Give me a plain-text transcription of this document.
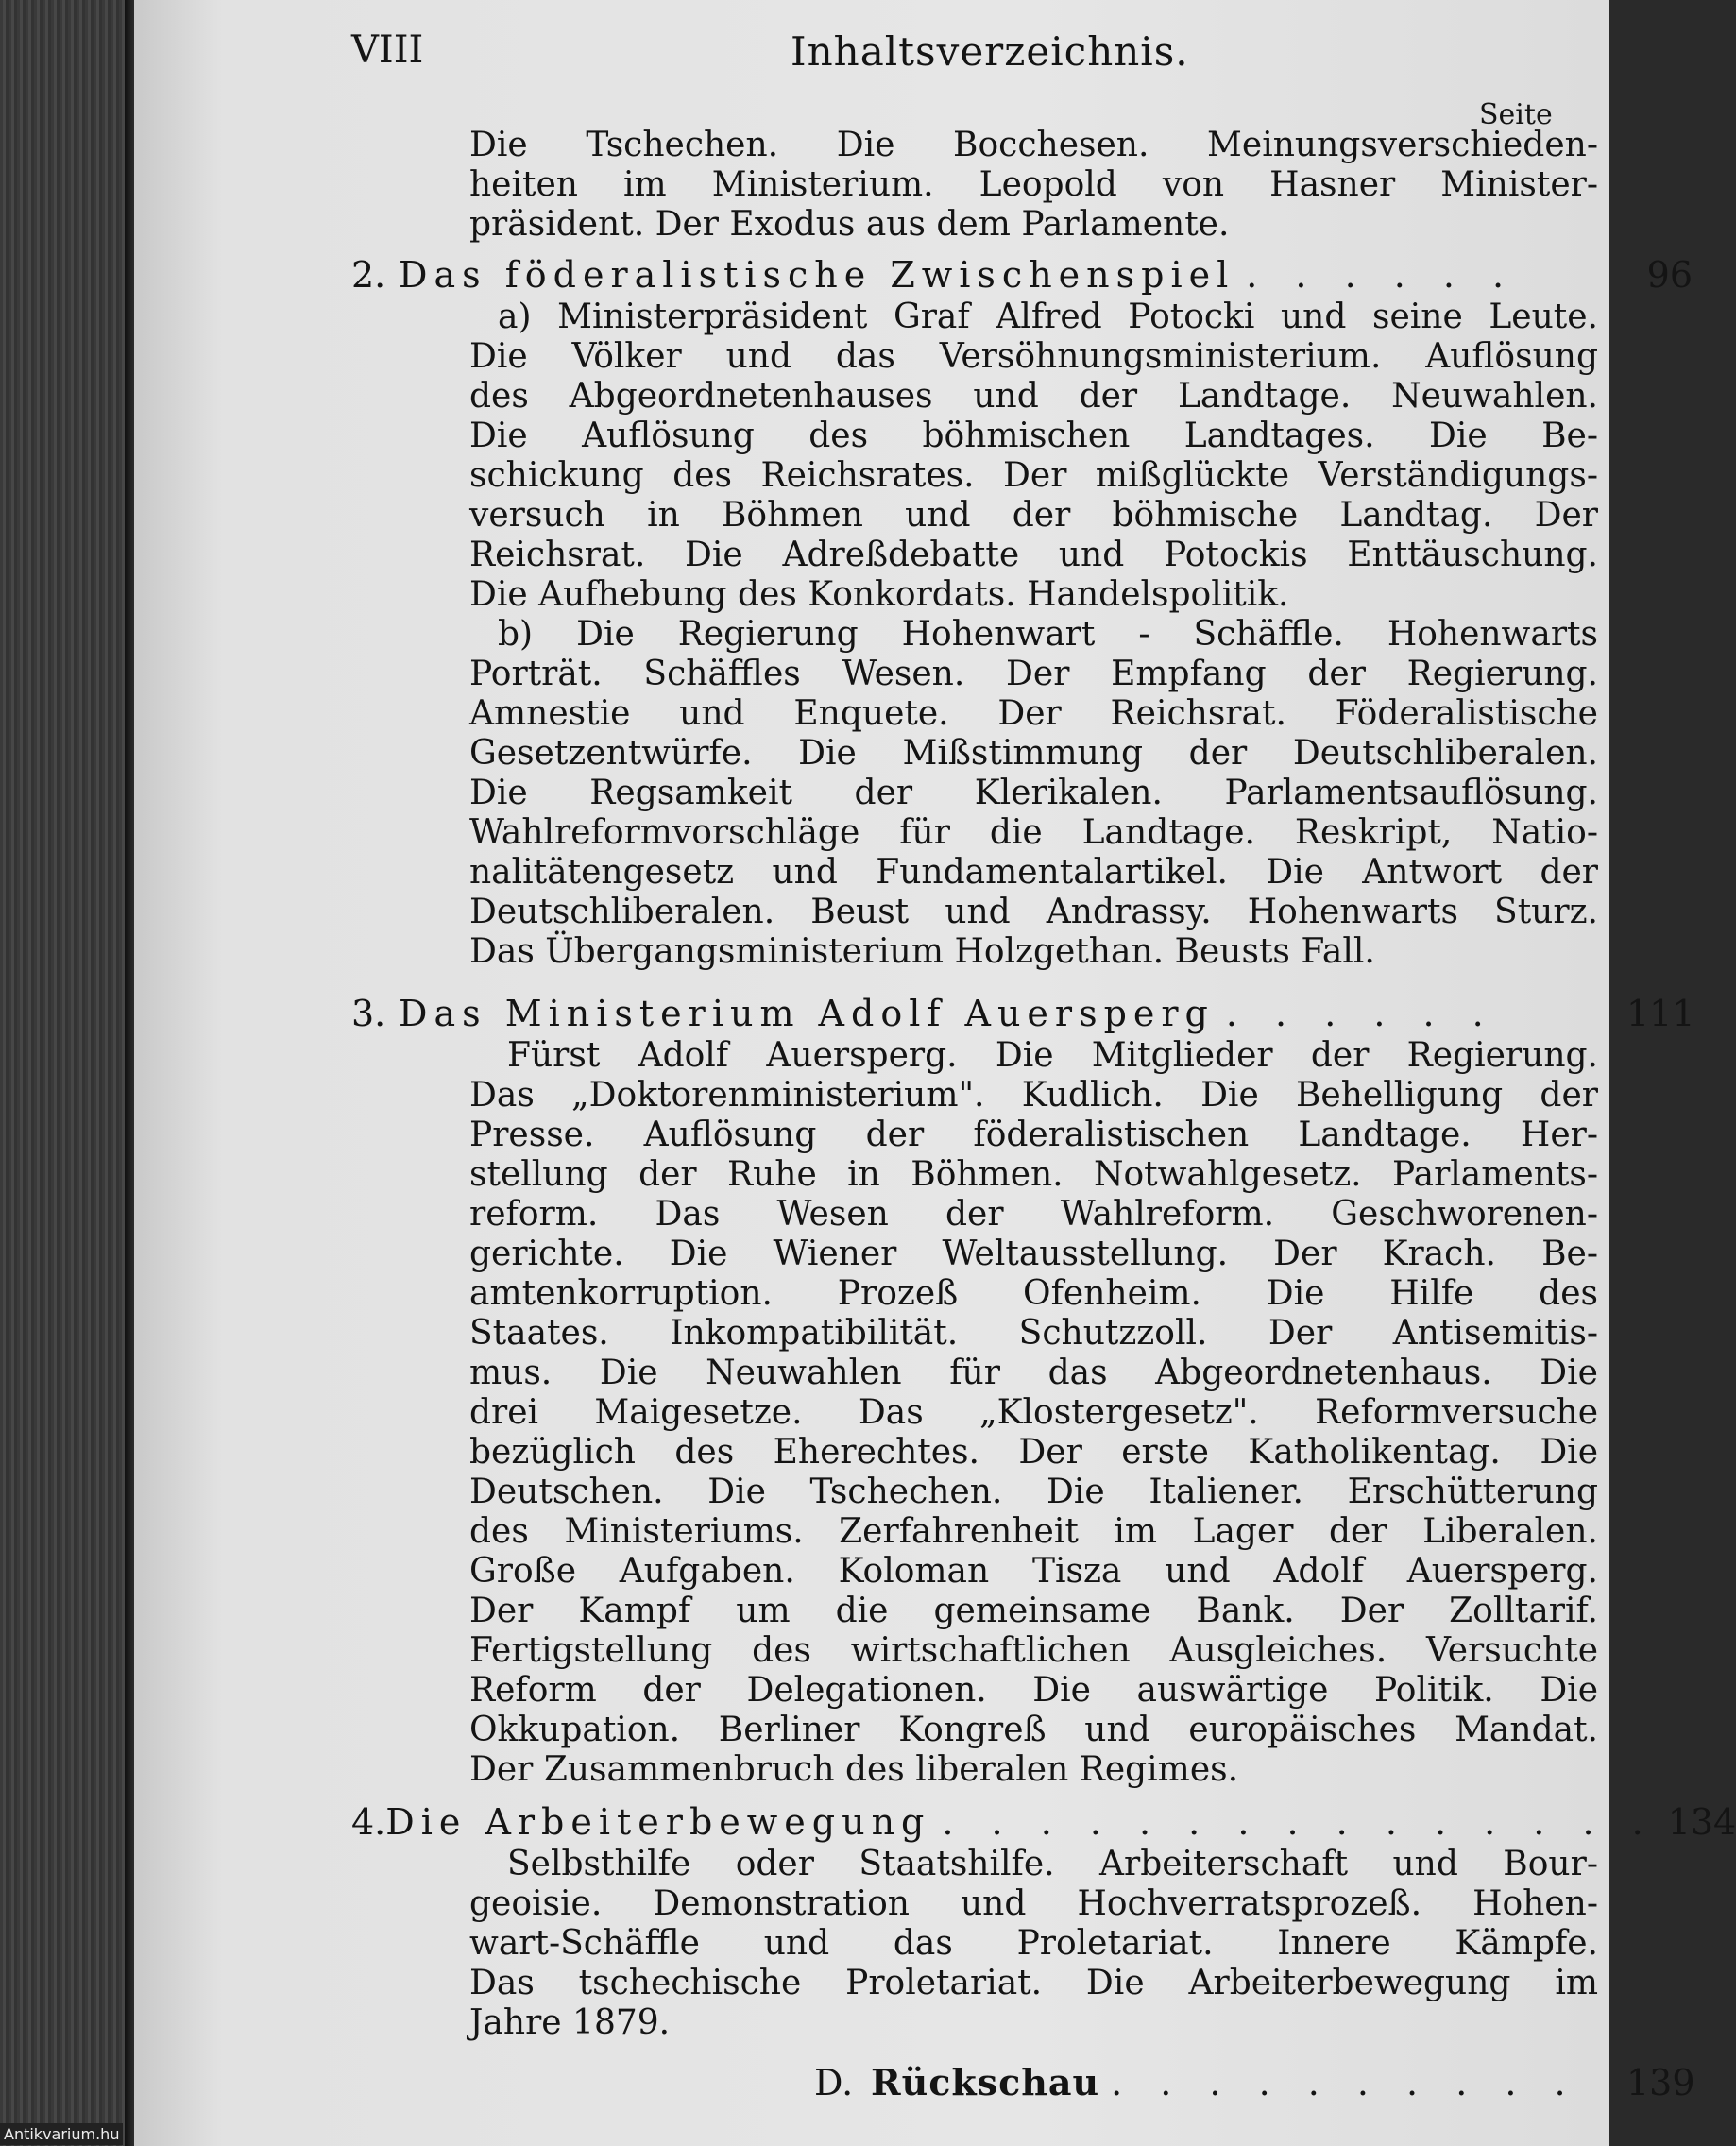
VIII	Inhaltsverzeichnis.
Seite
Die Tschechen. Die Bocchesen. Meinungsverschieden-
heiten im Ministerium. Leopold von Hasner Minister-
präsident. Der Exodus aus dem Parlamente.
2. Das föderalistische Zwischenspiel . . . . . .	96
a) Ministerpräsident Graf Alfred Potocki und seine Leute.
Die Völker und das Versöhnungsministerium. Auflösung
des Abgeordnetenhauses und der Landtage. Neuwahlen.
Die Auflösung des böhmischen Landtages. Die Be-
schickung des Reichsrates. Der mißglückte Verständigungs-
versuch in Böhmen und der böhmische Landtag. Der
Reichsrat. Die Adreßdebatte und Potockis Enttäuschung.
Die Aufhebung des Konkordats. Handelspolitik.
b) Die Regierung Hohenwart - Schäffle. Hohenwarts
Porträt. Schäffles Wesen. Der Empfang der Regierung.
Amnestie und Enquete. Der Reichsrat. Föderalistische
Gesetzentwürfe. Die Mißstimmung der Deutschliberalen.
Die Regsamkeit der Klerikalen. Parlamentsauflösung.
Wahlreformvorschläge für die Landtage. Reskript, Natio-
nalitätengesetz und Fundamentalartikel. Die Antwort der
Deutschliberalen. Beust und Andrassy. Hohenwarts Sturz.
Das Übergangsministerium Holzgethan. Beusts Fall.
3. Das Ministerium Adolf Auersperg . . . . . .	111
Fürst Adolf Auersperg. Die Mitglieder der Regierung.
Das „Doktorenministerium". Kudlich. Die Behelligung der
Presse. Auflösung der föderalistischen Landtage. Her-
stellung der Ruhe in Böhmen. Notwahlgesetz. Parlaments-
reform. Das Wesen der Wahlreform. Geschworenen-
gerichte. Die Wiener Weltausstellung. Der Krach. Be-
amtenkorruption. Prozeß Ofenheim. Die Hilfe des
Staates. Inkompatibilität. Schutzzoll. Der Antisemitis-
mus. Die Neuwahlen für das Abgeordnetenhaus. Die
drei Maigesetze. Das „Klostergesetz". Reformversuche
bezüglich des Eherechtes. Der erste Katholikentag. Die
Deutschen. Die Tschechen. Die Italiener. Erschütterung
des Ministeriums. Zerfahrenheit im Lager der Liberalen.
Große Aufgaben. Koloman Tisza und Adolf Auersperg.
Der Kampf um die gemeinsame Bank. Der Zolltarif.
Fertigstellung des wirtschaftlichen Ausgleiches. Versuchte
Reform der Delegationen. Die auswärtige Politik. Die
Okkupation. Berliner Kongreß und europäisches Mandat.
Der Zusammenbruch des liberalen Regimes.
4. Die Arbeiterbewegung . . . . . . . . . . . . . . . 134
Selbsthilfe oder Staatshilfe. Arbeiterschaft und Bour-
geoisie. Demonstration und Hochverratsprozeß. Hohen-
wart-Schäffle und das Proletariat. Innere Kämpfe.
Das tschechische Proletariat. Die Arbeiterbewegung im
Jahre 1879.
D. Rückschau . . . . . . . . . .	139
Antikvarium.hu
